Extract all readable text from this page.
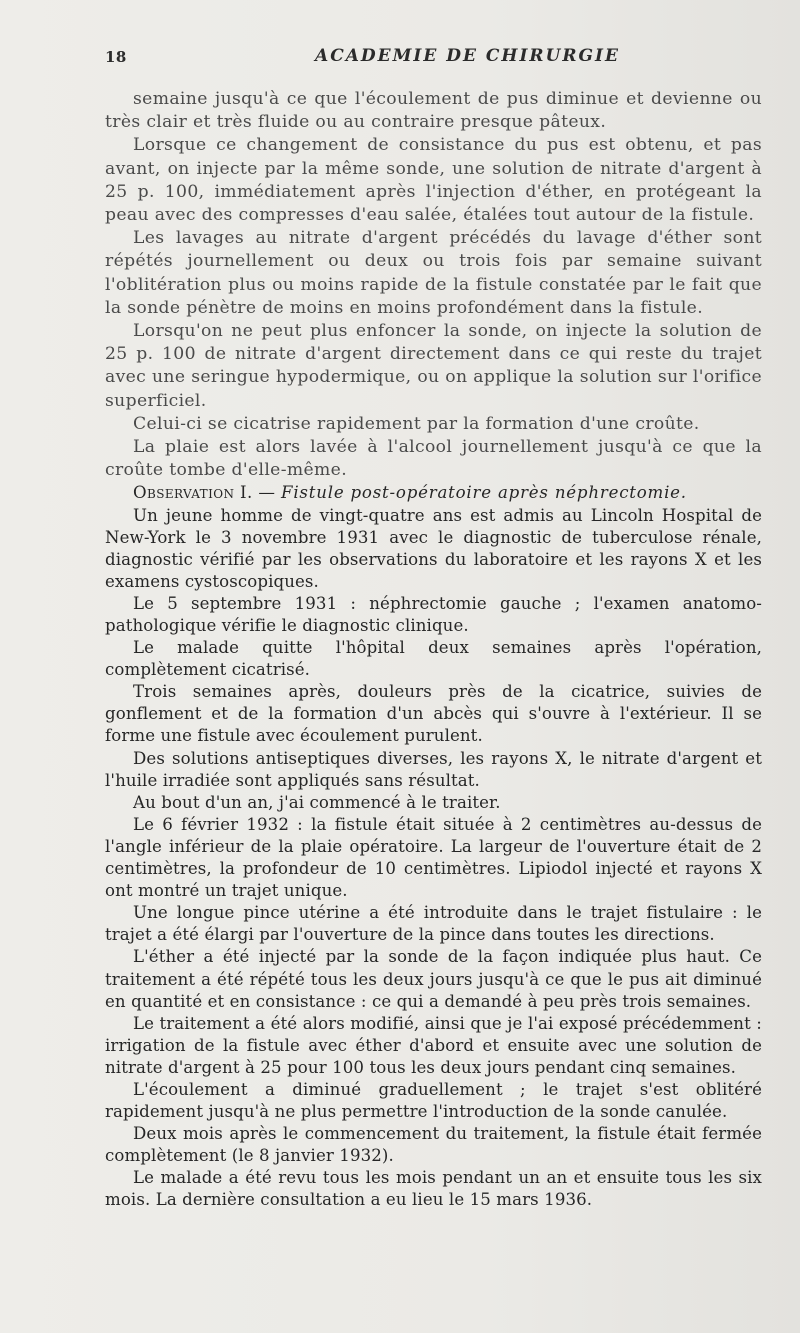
18	ACADEMIE DE CHIRURGIE

semaine jusqu'à ce que l'écoulement de pus diminue et devienne ou très clair et très fluide ou au contraire presque pâteux.

Lorsque ce changement de consistance du pus est obtenu, et pas avant, on injecte par la même sonde, une solution de nitrate d'argent à 25 p. 100, immédiatement après l'injection d'éther, en protégeant la peau avec des compresses d'eau salée, étalées tout autour de la fistule.

Les lavages au nitrate d'argent précédés du lavage d'éther sont répétés journellement ou deux ou trois fois par semaine suivant l'oblitération plus ou moins rapide de la fistule constatée par le fait que la sonde pénètre de moins en moins profondément dans la fistule.

Lorsqu'on ne peut plus enfoncer la sonde, on injecte la solution de 25 p. 100 de nitrate d'argent directement dans ce qui reste du trajet avec une seringue hypodermique, ou on applique la solution sur l'orifice superficiel.

Celui-ci se cicatrise rapidement par la formation d'une croûte.

La plaie est alors lavée à l'alcool journellement jusqu'à ce que la croûte tombe d'elle-même.

Observation I. — Fistule post-opératoire après néphrectomie.

Un jeune homme de vingt-quatre ans est admis au Lincoln Hospital de New-York le 3 novembre 1931 avec le diagnostic de tuberculose rénale, diagnostic vérifié par les observations du laboratoire et les rayons X et les examens cystoscopiques.

Le 5 septembre 1931 : néphrectomie gauche ; l'examen anatomo-pathologique vérifie le diagnostic clinique.

Le malade quitte l'hôpital deux semaines après l'opération, complètement cicatrisé.

Trois semaines après, douleurs près de la cicatrice, suivies de gonflement et de la formation d'un abcès qui s'ouvre à l'extérieur. Il se forme une fistule avec écoulement purulent.

Des solutions antiseptiques diverses, les rayons X, le nitrate d'argent et l'huile irradiée sont appliqués sans résultat.

Au bout d'un an, j'ai commencé à le traiter.

Le 6 février 1932 : la fistule était située à 2 centimètres au-dessus de l'angle inférieur de la plaie opératoire. La largeur de l'ouverture était de 2 centimètres, la profondeur de 10 centimètres. Lipiodol injecté et rayons X ont montré un trajet unique.

Une longue pince utérine a été introduite dans le trajet fistulaire : le trajet a été élargi par l'ouverture de la pince dans toutes les directions.

L'éther a été injecté par la sonde de la façon indiquée plus haut. Ce traitement a été répété tous les deux jours jusqu'à ce que le pus ait diminué en quantité et en consistance : ce qui a demandé à peu près trois semaines.

Le traitement a été alors modifié, ainsi que je l'ai exposé précédemment : irrigation de la fistule avec éther d'abord et ensuite avec une solution de nitrate d'argent à 25 pour 100 tous les deux jours pendant cinq semaines.

L'écoulement a diminué graduellement ; le trajet s'est oblitéré rapidement jusqu'à ne plus permettre l'introduction de la sonde canulée.

Deux mois après le commencement du traitement, la fistule était fermée complètement (le 8 janvier 1932).

Le malade a été revu tous les mois pendant un an et ensuite tous les six mois. La dernière consultation a eu lieu le 15 mars 1936.
